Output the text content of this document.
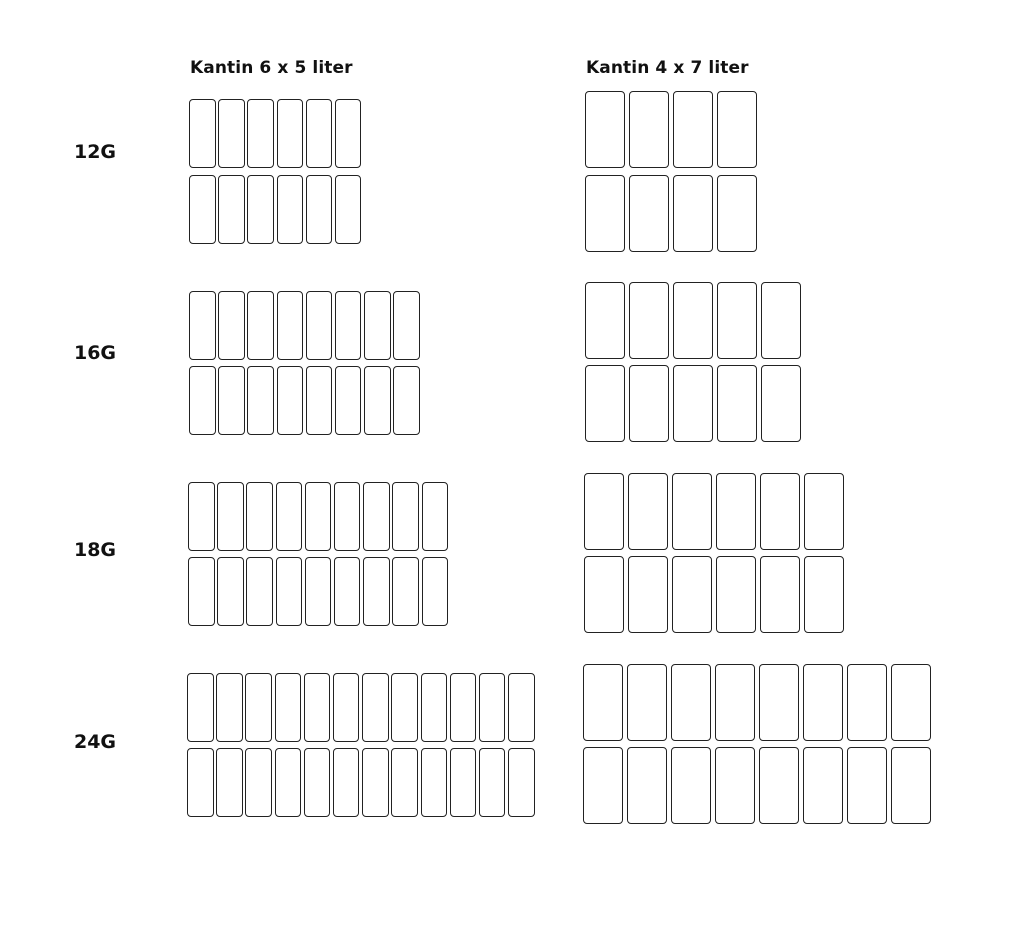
Kantin 6 x 5 liter	Kantin 4 x 7 liter
12G
16G
18G
24G
